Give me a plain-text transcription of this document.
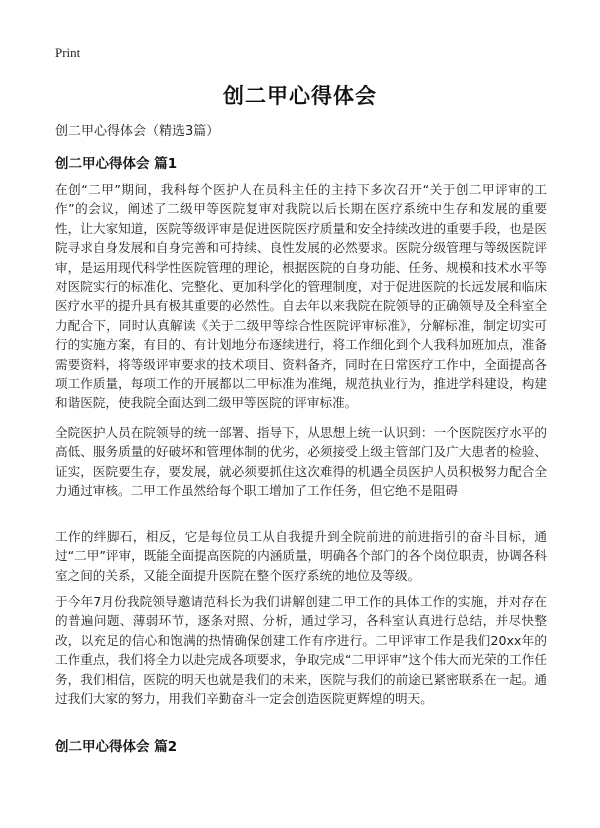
Print
创二甲心得体会
创二甲心得体会（精选3篇）
创二甲心得体会 篇1

在创“二甲”期间，我科每个医护人在员科主任的主持下多次召开“关于创二甲评审的工作”的会议，阐述了二级甲等医院复审对我院以后长期在医疗系统中生存和发展的重要性，让大家知道，医院等级评审是促进医院医疗质量和安全持续改进的重要手段，也是医院寻求自身发展和自身完善和可持续、良性发展的必然要求。医院分级管理与等级医院评审，是运用现代科学性医院管理的理论，根据医院的自身功能、任务、规模和技术水平等对医院实行的标准化、完整化、更加科学化的管理制度，对于促进医院的长远发展和临床医疗水平的提升具有极其重要的必然性。自去年以来我院在院领导的正确领导及全科室全力配合下，同时认真解读《关于二级甲等综合性医院评审标准》，分解标准，制定切实可行的实施方案，有目的、有计划地分布逐续进行，将工作细化到个人我科加班加点，准备需要资料，将等级评审要求的技术项目、资料备齐，同时在日常医疗工作中，全面提高各项工作质量，每项工作的开展都以二甲标准为准绳，规范执业行为，推进学科建设，构建和谐医院，使我院全面达到二级甲等医院的评审标准。

全院医护人员在院领导的统一部署、指导下，从思想上统一认识到：一个医院医疗水平的高低、服务质量的好破坏和管理体制的优劣，必须接受上级主管部门及广大患者的检验、证实，医院要生存，要发展，就必须要抓住这次难得的机遇全员医护人员积极努力配合全力通过审核。二甲工作虽然给每个职工增加了工作任务，但它绝不是阻碍

工作的绊脚石，相反，它是每位员工从自我提升到全院前进的前进指引的奋斗目标，通过“二甲”评审，既能全面提高医院的内涵质量，明确各个部门的各个岗位职责，协调各科室之间的关系，又能全面提升医院在整个医疗系统的地位及等级。

于今年7月份我院领导邀请范科长为我们讲解创建二甲工作的具体工作的实施，并对存在的普遍问题、薄弱环节，逐条对照、分析，通过学习，各科室认真进行总结，并尽快整改，以充足的信心和饱满的热情确保创建工作有序进行。二甲评审工作是我们20xx年的工作重点，我们将全力以赴完成各项要求，争取完成“二甲评审”这个伟大而光荣的工作任务，我们相信，医院的明天也就是我们的未来，医院与我们的前途已紧密联系在一起。通过我们大家的努力，用我们辛勤奋斗一定会创造医院更辉煌的明天。

创二甲心得体会 篇2
